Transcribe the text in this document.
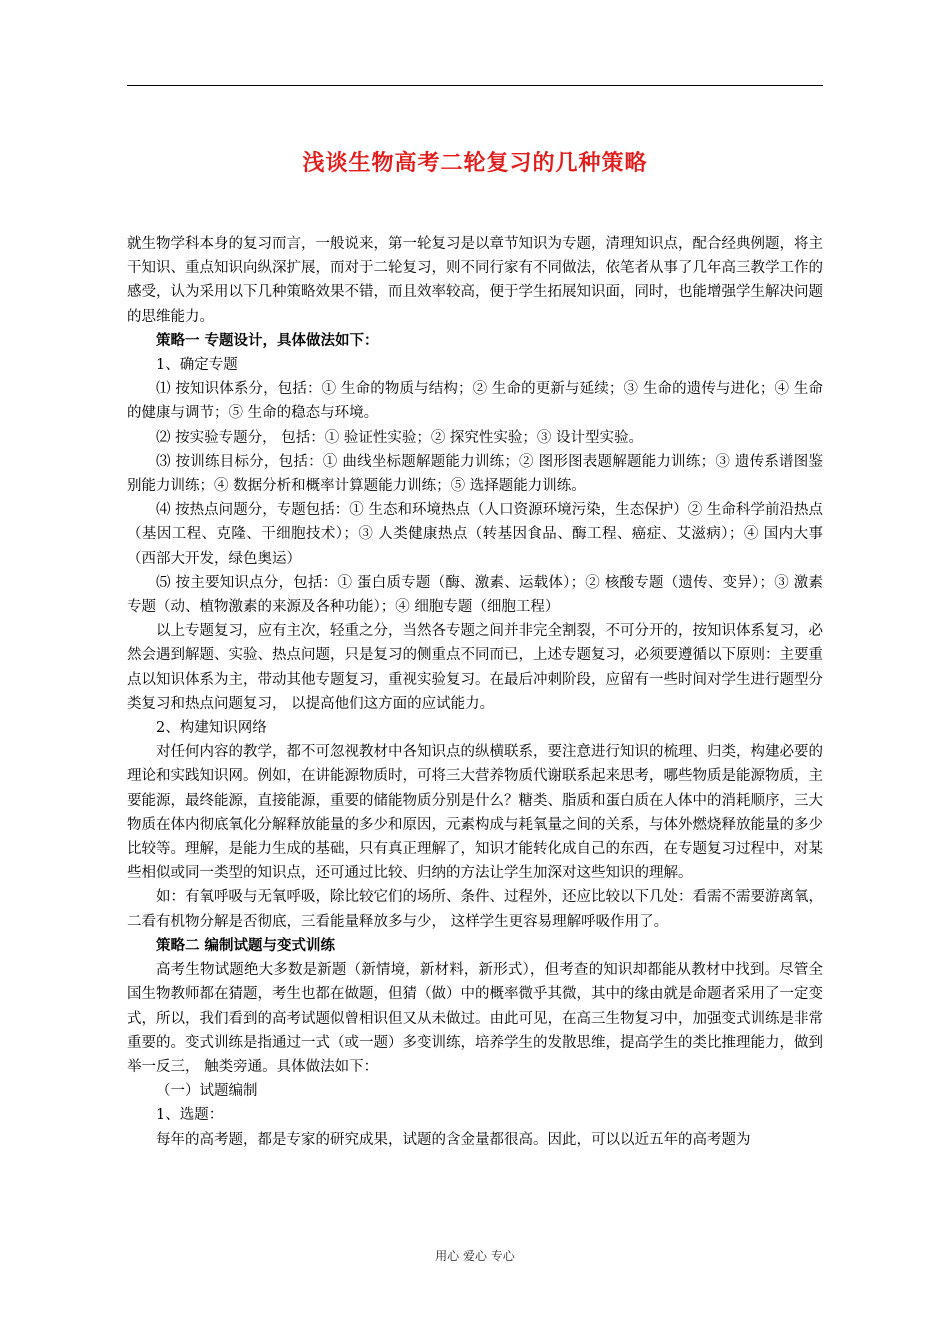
浅谈生物高考二轮复习的几种策略

就生物学科本身的复习而言，一般说来，第一轮复习是以章节知识为专题，清理知识点，配合经典例题，将主干知识、重点知识向纵深扩展，而对于二轮复习，则不同行家有不同做法，依笔者从事了几年高三教学工作的感受，认为采用以下几种策略效果不错，而且效率较高，便于学生拓展知识面，同时，也能增强学生解决问题的思维能力。

策略一 专题设计，具体做法如下：

1、确定专题

⑴ 按知识体系分，包括：① 生命的物质与结构；② 生命的更新与延续；③ 生命的遗传与进化；④ 生命的健康与调节；⑤ 生命的稳态与环境。

⑵ 按实验专题分， 包括：① 验证性实验；② 探究性实验；③ 设计型实验。

⑶ 按训练目标分，包括：① 曲线坐标题解题能力训练；② 图形图表题解题能力训练；③ 遗传系谱图鉴别能力训练；④ 数据分析和概率计算题能力训练；⑤ 选择题能力训练。

⑷ 按热点问题分，专题包括：① 生态和环境热点（人口资源环境污染，生态保护）② 生命科学前沿热点（基因工程、克隆、干细胞技术）；③ 人类健康热点（转基因食品、酶工程、癌症、艾滋病）；④ 国内大事（西部大开发，绿色奥运）

⑸ 按主要知识点分，包括：① 蛋白质专题（酶、激素、运载体）；② 核酸专题（遗传、变异）；③ 激素专题（动、植物激素的来源及各种功能）；④ 细胞专题（细胞工程）

以上专题复习，应有主次，轻重之分，当然各专题之间并非完全割裂，不可分开的，按知识体系复习，必然会遇到解题、实验、热点问题，只是复习的侧重点不同而已，上述专题复习，必须要遵循以下原则：主要重点以知识体系为主，带动其他专题复习，重视实验复习。在最后冲刺阶段，应留有一些时间对学生进行题型分类复习和热点问题复习， 以提高他们这方面的应试能力。

2、构建知识网络

对任何内容的教学，都不可忽视教材中各知识点的纵横联系，要注意进行知识的梳理、归类，构建必要的理论和实践知识网。例如，在讲能源物质时，可将三大营养物质代谢联系起来思考，哪些物质是能源物质，主要能源，最终能源，直接能源，重要的储能物质分别是什么？糖类、脂质和蛋白质在人体中的消耗顺序，三大物质在体内彻底氧化分解释放能量的多少和原因，元素构成与耗氧量之间的关系，与体外燃烧释放能量的多少比较等。理解，是能力生成的基础，只有真正理解了，知识才能转化成自己的东西，在专题复习过程中，对某些相似或同一类型的知识点，还可通过比较、归纳的方法让学生加深对这些知识的理解。

如：有氧呼吸与无氧呼吸，除比较它们的场所、条件、过程外，还应比较以下几处：看需不需要游离氧，二看有机物分解是否彻底，三看能量释放多与少， 这样学生更容易理解呼吸作用了。

策略二 编制试题与变式训练

高考生物试题绝大多数是新题（新情境，新材料，新形式），但考查的知识却都能从教材中找到。尽管全国生物教师都在猜题，考生也都在做题，但猜（做）中的概率微乎其微，其中的缘由就是命题者采用了一定变式，所以，我们看到的高考试题似曾相识但又从未做过。由此可见，在高三生物复习中，加强变式训练是非常重要的。变式训练是指通过一式（或一题）多变训练，培养学生的发散思维，提高学生的类比推理能力，做到举一反三， 触类旁通。具体做法如下：

（一）试题编制

1、选题：

每年的高考题，都是专家的研究成果，试题的含金量都很高。因此，可以以近五年的高考题为

用心 爱心 专心
